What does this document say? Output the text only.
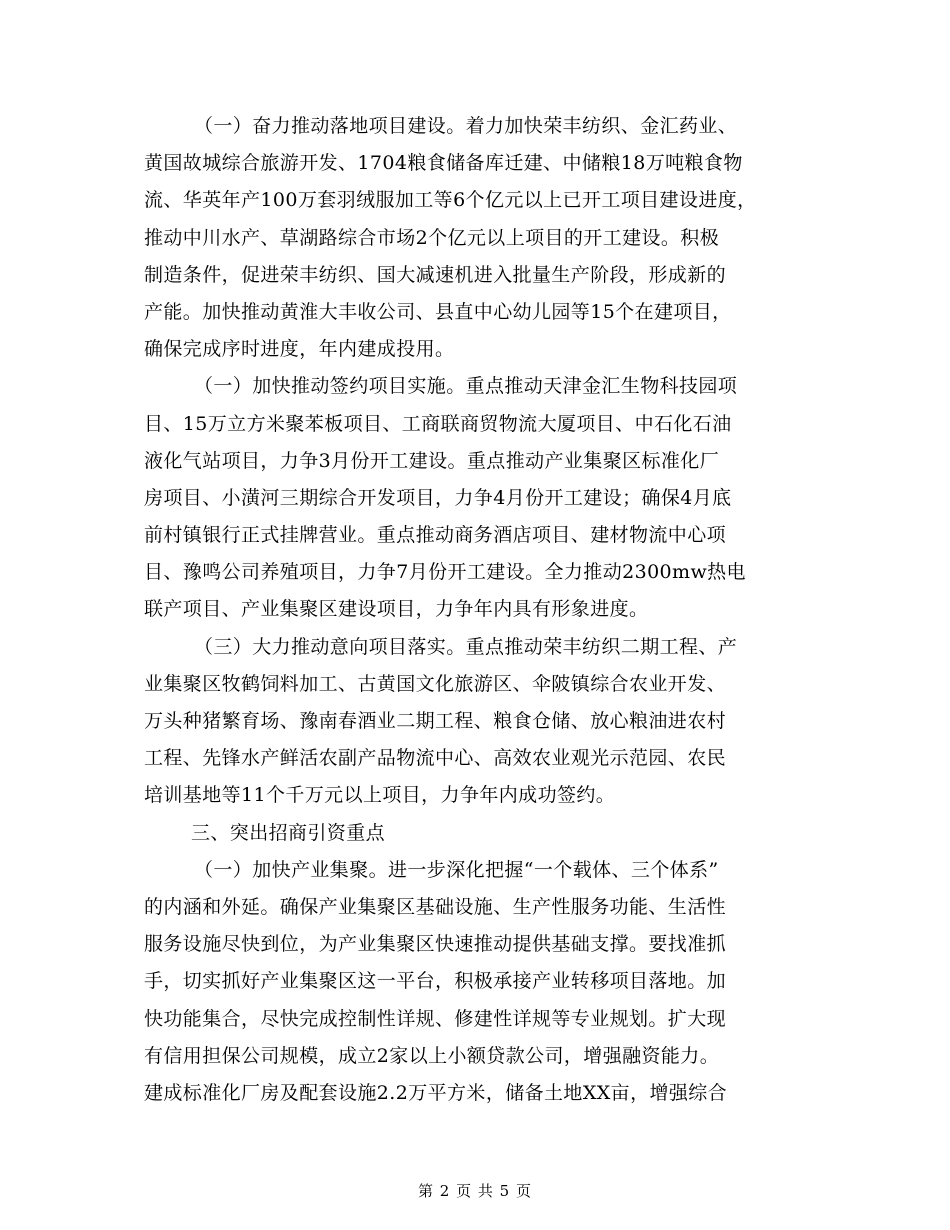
（一）奋力推动落地项目建设。着力加快荣丰纺织、金汇药业、
黄国故城综合旅游开发、1704粮食储备库迁建、中储粮18万吨粮食物
流、华英年产100万套羽绒服加工等6个亿元以上已开工项目建设进度，
推动中川水产、草湖路综合市场2个亿元以上项目的开工建设。积极
制造条件，促进荣丰纺织、国大减速机进入批量生产阶段，形成新的
产能。加快推动黄淮大丰收公司、县直中心幼儿园等15个在建项目，
确保完成序时进度，年内建成投用。
（一）加快推动签约项目实施。重点推动天津金汇生物科技园项
目、15万立方米聚苯板项目、工商联商贸物流大厦项目、中石化石油
液化气站项目，力争3月份开工建设。重点推动产业集聚区标准化厂
房项目、小潢河三期综合开发项目，力争4月份开工建设；确保4月底
前村镇银行正式挂牌营业。重点推动商务酒店项目、建材物流中心项
目、豫鸣公司养殖项目，力争7月份开工建设。全力推动2300mw热电
联产项目、产业集聚区建设项目，力争年内具有形象进度。
（三）大力推动意向项目落实。重点推动荣丰纺织二期工程、产
业集聚区牧鹤饲料加工、古黄国文化旅游区、伞陂镇综合农业开发、
万头种猪繁育场、豫南春酒业二期工程、粮食仓储、放心粮油进农村
工程、先锋水产鲜活农副产品物流中心、高效农业观光示范园、农民
培训基地等11个千万元以上项目，力争年内成功签约。
三、突出招商引资重点
（一）加快产业集聚。进一步深化把握“一个载体、三个体系”
的内涵和外延。确保产业集聚区基础设施、生产性服务功能、生活性
服务设施尽快到位，为产业集聚区快速推动提供基础支撑。要找准抓
手，切实抓好产业集聚区这一平台，积极承接产业转移项目落地。加
快功能集合，尽快完成控制性详规、修建性详规等专业规划。扩大现
有信用担保公司规模，成立2家以上小额贷款公司，增强融资能力。
建成标准化厂房及配套设施2.2万平方米，储备土地XX亩，增强综合
第 2 页 共 5 页
